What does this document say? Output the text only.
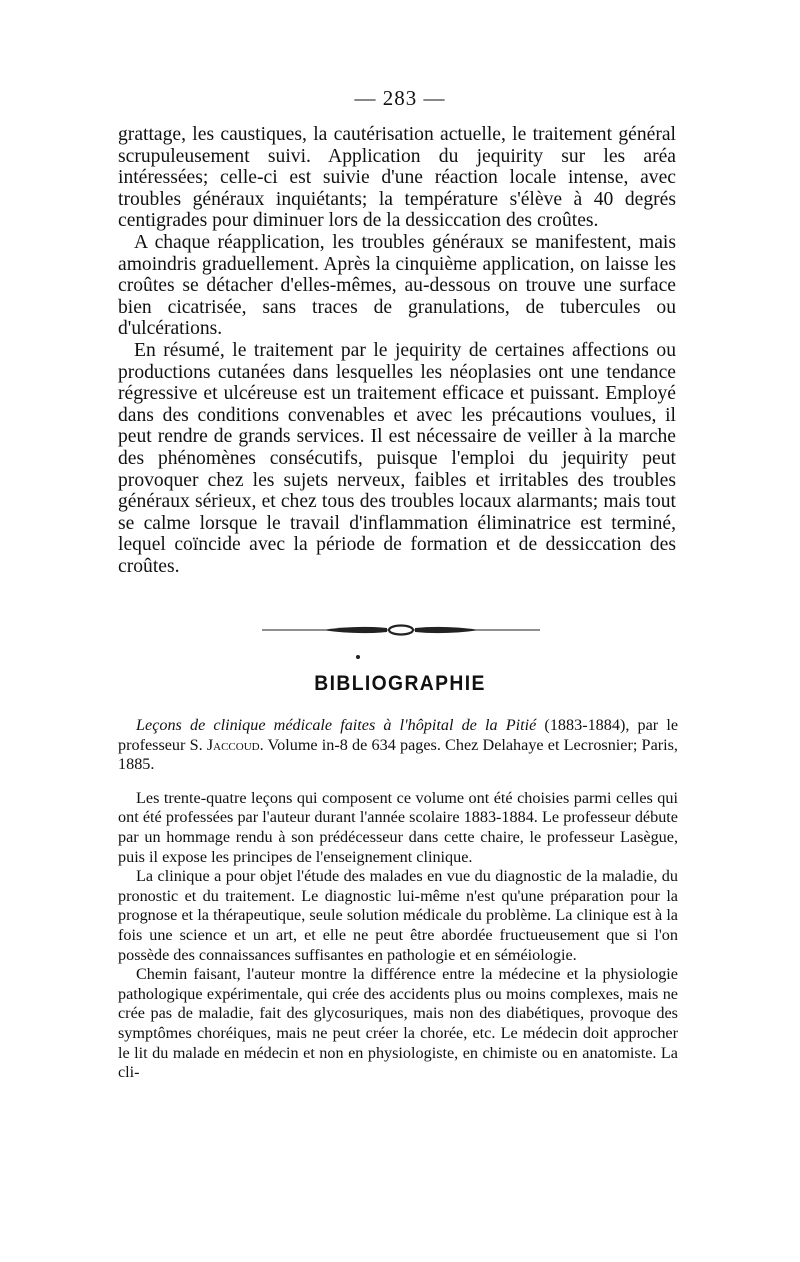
— 283 —

grattage, les caustiques, la cautérisation actuelle, le traitement général scrupuleusement suivi. Application du jequirity sur les aréa intéressées; celle-ci est suivie d'une réaction locale intense, avec troubles généraux inquiétants; la température s'élève à 40 degrés centigrades pour diminuer lors de la dessiccation des croûtes.

A chaque réapplication, les troubles généraux se manifestent, mais amoindris graduellement. Après la cinquième application, on laisse les croûtes se détacher d'elles-mêmes, au-dessous on trouve une surface bien cicatrisée, sans traces de granulations, de tubercules ou d'ulcérations.

En résumé, le traitement par le jequirity de certaines affections ou productions cutanées dans lesquelles les néoplasies ont une tendance régressive et ulcéreuse est un traitement efficace et puissant. Employé dans des conditions convenables et avec les précautions voulues, il peut rendre de grands services. Il est nécessaire de veiller à la marche des phénomènes consécutifs, puisque l'emploi du jequirity peut provoquer chez les sujets nerveux, faibles et irritables des troubles généraux sérieux, et chez tous des troubles locaux alarmants; mais tout se calme lorsque le travail d'inflammation éliminatrice est terminé, lequel coïncide avec la période de formation et de dessiccation des croûtes.

BIBLIOGRAPHIE

Leçons de clinique médicale faites à l'hôpital de la Pitié (1883-1884), par le professeur S. Jaccoud. Volume in-8 de 634 pages. Chez Delahaye et Lecrosnier; Paris, 1885.

Les trente-quatre leçons qui composent ce volume ont été choisies parmi celles qui ont été professées par l'auteur durant l'année scolaire 1883-1884. Le professeur débute par un hommage rendu à son prédécesseur dans cette chaire, le professeur Lasègue, puis il expose les principes de l'enseignement clinique.

La clinique a pour objet l'étude des malades en vue du diagnostic de la maladie, du pronostic et du traitement. Le diagnostic lui-même n'est qu'une préparation pour la prognose et la thérapeutique, seule solution médicale du problème. La clinique est à la fois une science et un art, et elle ne peut être abordée fructueusement que si l'on possède des connaissances suffisantes en pathologie et en séméiologie.

Chemin faisant, l'auteur montre la différence entre la médecine et la physiologie pathologique expérimentale, qui crée des accidents plus ou moins complexes, mais ne crée pas de maladie, fait des glycosuriques, mais non des diabétiques, provoque des symptômes choréiques, mais ne peut créer la chorée, etc. Le médecin doit approcher le lit du malade en médecin et non en physiologiste, en chimiste ou en anatomiste. La cli-
